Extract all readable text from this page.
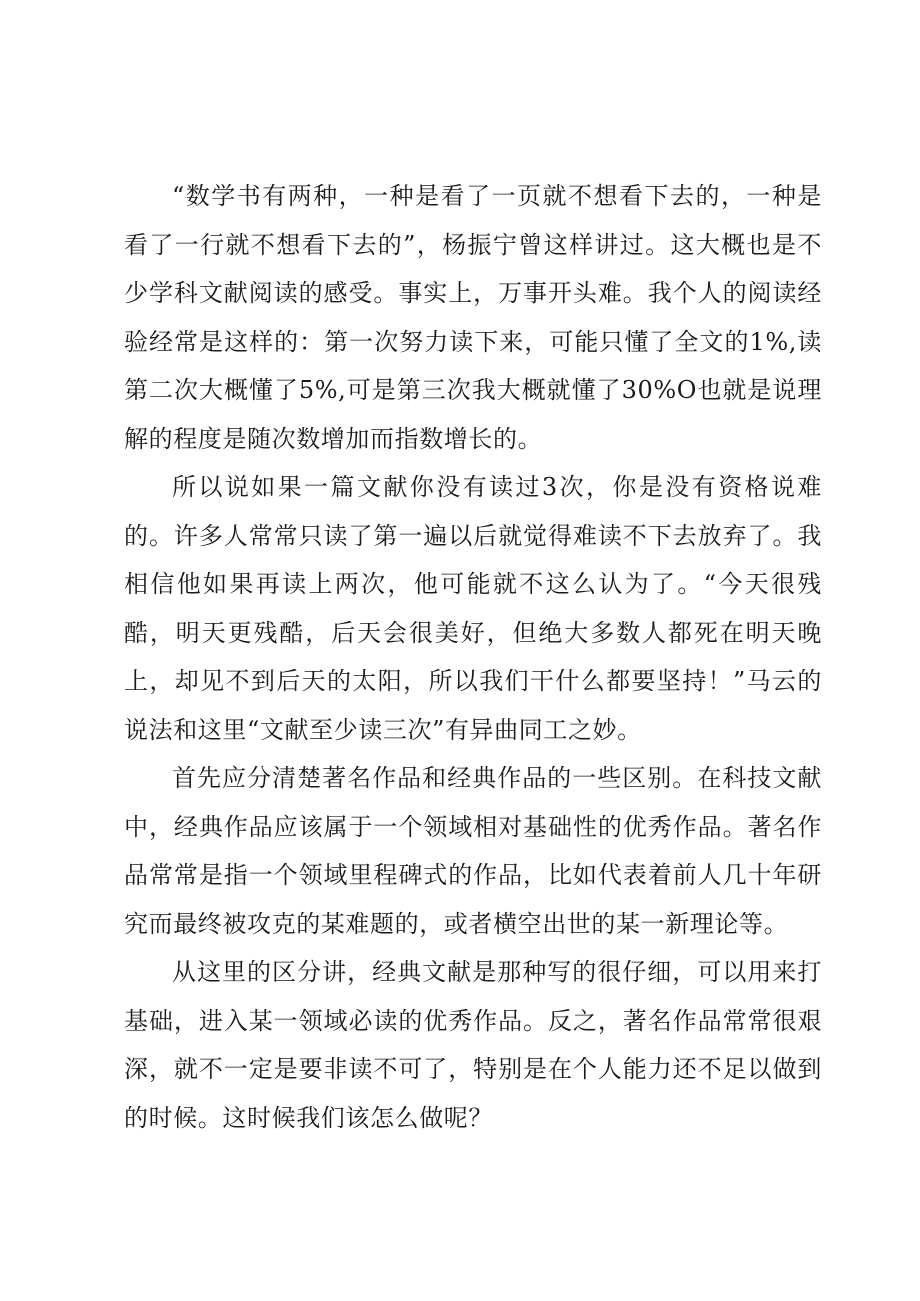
“数学书有两种，一种是看了一页就不想看下去的，一种是看了一行就不想看下去的”，杨振宁曾这样讲过。这大概也是不少学科文献阅读的感受。事实上，万事开头难。我个人的阅读经验经常是这样的：第一次努力读下来，可能只懂了全文的1%,读第二次大概懂了5%,可是第三次我大概就懂了30%O也就是说理解的程度是随次数增加而指数增长的。

所以说如果一篇文献你没有读过3次，你是没有资格说难的。许多人常常只读了第一遍以后就觉得难读不下去放弃了。我相信他如果再读上两次，他可能就不这么认为了。“今天很残酷，明天更残酷，后天会很美好，但绝大多数人都死在明天晚上，却见不到后天的太阳，所以我们干什么都要坚持！”马云的说法和这里“文献至少读三次”有异曲同工之妙。

首先应分清楚著名作品和经典作品的一些区别。在科技文献中，经典作品应该属于一个领域相对基础性的优秀作品。著名作品常常是指一个领域里程碑式的作品，比如代表着前人几十年研究而最终被攻克的某难题的，或者横空出世的某一新理论等。

从这里的区分讲，经典文献是那种写的很仔细，可以用来打基础，进入某一领域必读的优秀作品。反之，著名作品常常很艰深，就不一定是要非读不可了，特别是在个人能力还不足以做到的时候。这时候我们该怎么做呢？
